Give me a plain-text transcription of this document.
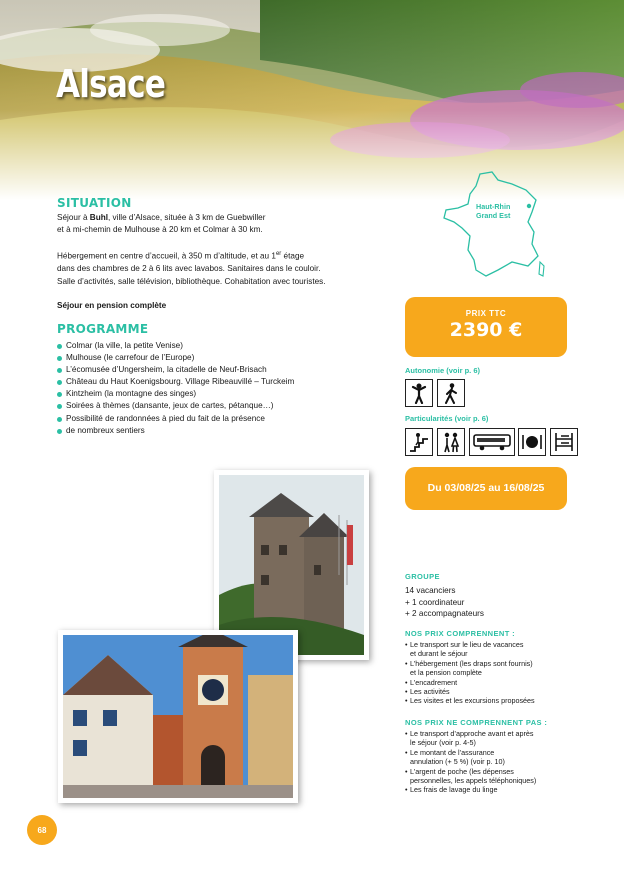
Alsace
SITUATION
Séjour à Buhl, ville d’Alsace, située à 3 km de Guebwiller
et à mi-chemin de Mulhouse à 20 km et Colmar à 30 km.
Hébergement en centre d’accueil, à 350 m d’altitude, et au 1er étage
dans des chambres de 2 à 6 lits avec lavabos. Sanitaires dans le couloir.
Salle d’activités, salle télévision, bibliothèque. Cohabitation avec touristes.
Séjour en pension complète
PROGRAMME
Colmar (la ville, la petite Venise)
Mulhouse (le carrefour de l’Europe)
L’écomusée d’Ungersheim, la citadelle de Neuf-Brisach
Château du Haut Koenigsbourg. Village Ribeauvillé – Turckeim
Kintzheim (la montagne des singes)
Soirées à thèmes (dansante, jeux de cartes, pétanque…)
Possibilité de randonnées à pied du fait de la présence
de nombreux sentiers
Haut-Rhin
Grand Est
PRIX TTC
2390 €
Autonomie (voir p. 6)
Particularités (voir p. 6)
Du 03/08/25 au 16/08/25
GROUPE
14 vacanciers
+ 1 coordinateur
+ 2 accompagnateurs
NOS PRIX COMPRENNENT :
• Le transport sur le lieu de vacances
et durant le séjour
• L’hébergement (les draps sont fournis)
et la pension complète
• L’encadrement
• Les activités
• Les visites et les excursions proposées
NOS PRIX NE COMPRENNENT PAS :
• Le transport d’approche avant et après
le séjour (voir p. 4-5)
• Le montant de l’assurance
annulation (+ 5 %) (voir p. 10)
• L’argent de poche (les dépenses
personnelles, les appels téléphoniques)
• Les frais de lavage du linge
68
